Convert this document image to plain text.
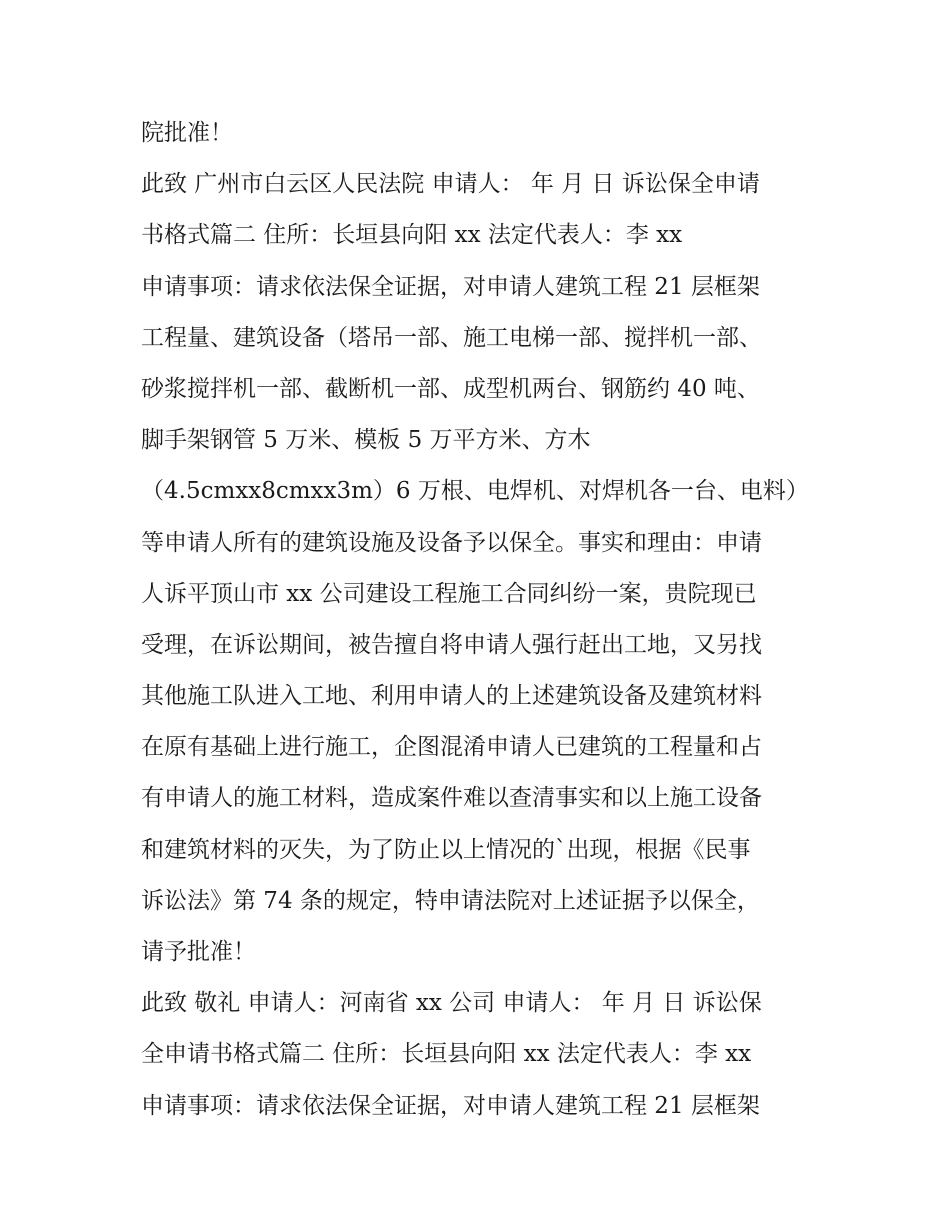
院批准！
此致 广州市白云区人民法院 申请人： 年 月 日 诉讼保全申请
书格式篇二 住所：长垣县向阳 xx 法定代表人：李 xx
申请事项：请求依法保全证据，对申请人建筑工程 21 层框架
工程量、建筑设备（塔吊一部、施工电梯一部、搅拌机一部、
砂浆搅拌机一部、截断机一部、成型机两台、钢筋约 40 吨、
脚手架钢管 5 万米、模板 5 万平方米、方木
（4.5cmxx8cmxx3m）6 万根、电焊机、对焊机各一台、电料）
等申请人所有的建筑设施及设备予以保全。事实和理由：申请
人诉平顶山市 xx 公司建设工程施工合同纠纷一案，贵院现已
受理，在诉讼期间，被告擅自将申请人强行赶出工地，又另找
其他施工队进入工地、利用申请人的上述建筑设备及建筑材料
在原有基础上进行施工，企图混淆申请人已建筑的工程量和占
有申请人的施工材料，造成案件难以查清事实和以上施工设备
和建筑材料的灭失，为了防止以上情况的`出现，根据《民事
诉讼法》第 74 条的规定，特申请法院对上述证据予以保全，
请予批准！
此致 敬礼 申请人：河南省 xx 公司 申请人： 年 月 日 诉讼保
全申请书格式篇二 住所：长垣县向阳 xx 法定代表人：李 xx
申请事项：请求依法保全证据，对申请人建筑工程 21 层框架
